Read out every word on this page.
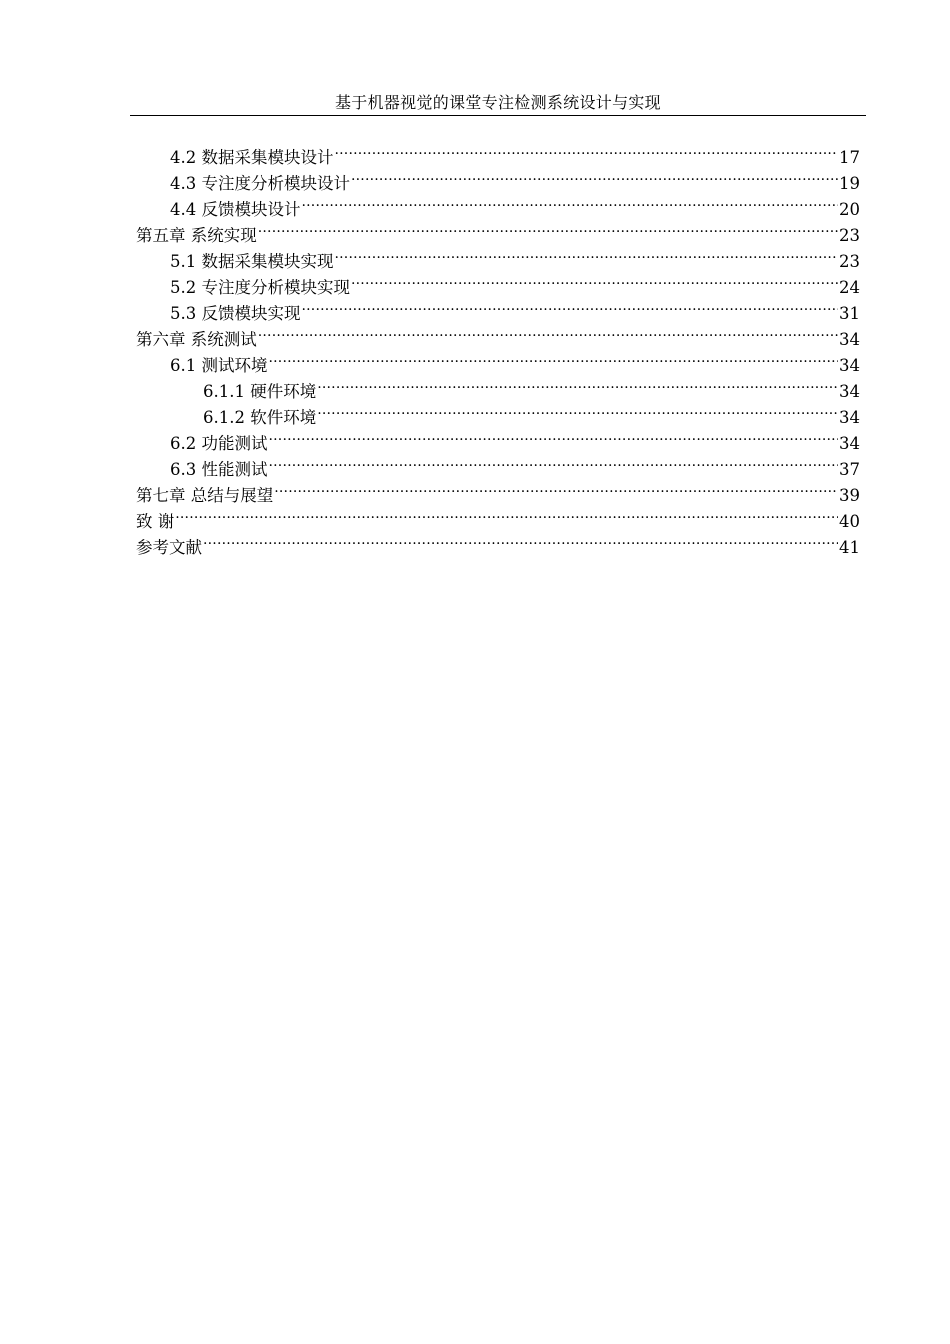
基于机器视觉的课堂专注检测系统设计与实现
4.2 数据采集模块设计 .....	17
4.3 专注度分析模块设计 .....	19
4.4 反馈模块设计 .....	20
第五章 系统实现 .....	23
5.1 数据采集模块实现 .....	23
5.2 专注度分析模块实现 .....	24
5.3 反馈模块实现 .....	31
第六章 系统测试 .....	34
6.1 测试环境 .....	34
6.1.1 硬件环境 .....	34
6.1.2 软件环境 .....	34
6.2 功能测试 .....	34
6.3 性能测试 .....	37
第七章 总结与展望 .....	39
致 谢 .....	40
参考文献 .....	41
